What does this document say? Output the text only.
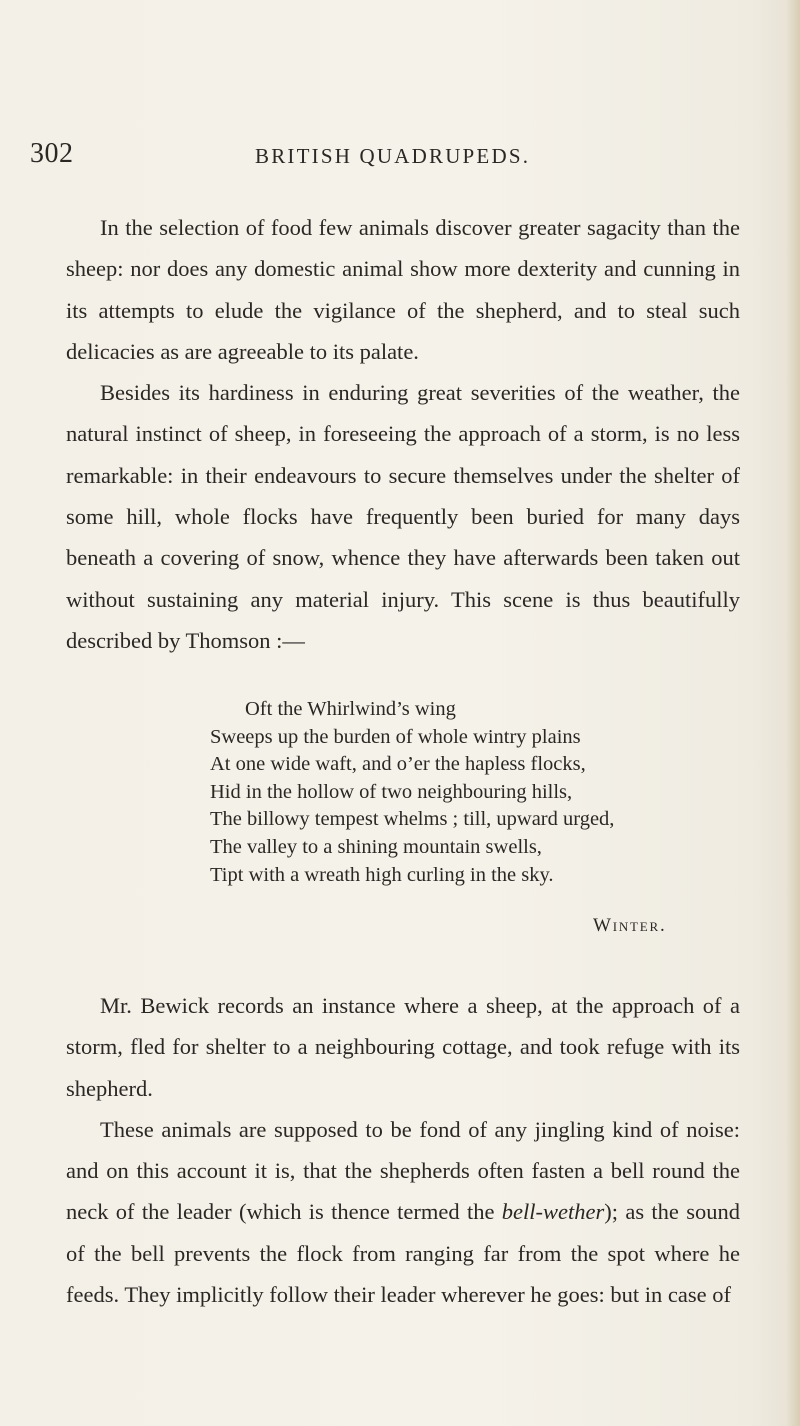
302	BRITISH QUADRUPEDS.

In the selection of food few animals discover greater sagacity than the sheep: nor does any domestic animal show more dexterity and cunning in its attempts to elude the vigilance of the shepherd, and to steal such delicacies as are agreeable to its palate.

Besides its hardiness in enduring great severities of the weather, the natural instinct of sheep, in foreseeing the approach of a storm, is no less remarkable: in their endeavours to secure themselves under the shelter of some hill, whole flocks have frequently been buried for many days beneath a covering of snow, whence they have afterwards been taken out without sustaining any material injury. This scene is thus beautifully described by Thomson :—

Oft the Whirlwind’s wing
Sweeps up the burden of whole wintry plains
At one wide waft, and o’er the hapless flocks,
Hid in the hollow of two neighbouring hills,
The billowy tempest whelms ; till, upward urged,
The valley to a shining mountain swells,
Tipt with a wreath high curling in the sky.
Winter.

Mr. Bewick records an instance where a sheep, at the approach of a storm, fled for shelter to a neighbouring cottage, and took refuge with its shepherd.

These animals are supposed to be fond of any jingling kind of noise: and on this account it is, that the shepherds often fasten a bell round the neck of the leader (which is thence termed the bell-wether); as the sound of the bell prevents the flock from ranging far from the spot where he feeds. They implicitly follow their leader wherever he goes: but in case of
